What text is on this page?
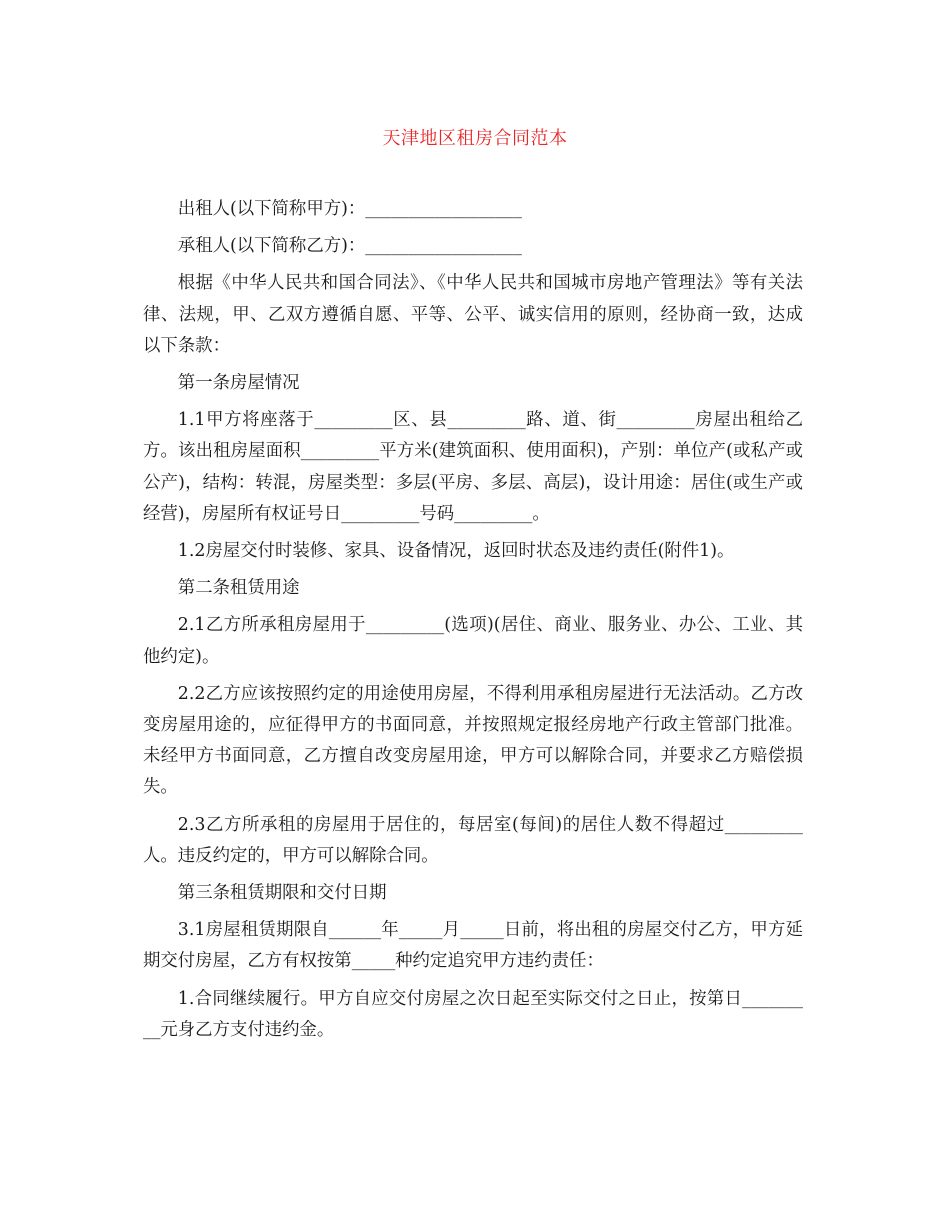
天津地区租房合同范本

出租人(以下简称甲方)：__________________

承租人(以下简称乙方)：__________________

根据《中华人民共和国合同法》、《中华人民共和国城市房地产管理法》等有关法律、法规，甲、乙双方遵循自愿、平等、公平、诚实信用的原则，经协商一致，达成以下条款：

第一条房屋情况

1.1甲方将座落于_________区、县_________路、道、街_________房屋出租给乙方。该出租房屋面积_________平方米(建筑面积、使用面积)，产别：单位产(或私产或公产)，结构：转混，房屋类型：多层(平房、多层、高层)，设计用途：居住(或生产或经营)，房屋所有权证号日_________号码_________。

1.2房屋交付时装修、家具、设备情况，返回时状态及违约责任(附件1)。

第二条租赁用途

2.1乙方所承租房屋用于_________(选项)(居住、商业、服务业、办公、工业、其他约定)。

2.2乙方应该按照约定的用途使用房屋，不得利用承租房屋进行无法活动。乙方改变房屋用途的，应征得甲方的书面同意，并按照规定报经房地产行政主管部门批准。未经甲方书面同意，乙方擅自改变房屋用途，甲方可以解除合同，并要求乙方赔偿损失。

2.3乙方所承租的房屋用于居住的，每居室(每间)的居住人数不得超过_________人。违反约定的，甲方可以解除合同。

第三条租赁期限和交付日期

3.1房屋租赁期限自______年_____月_____日前，将出租的房屋交付乙方，甲方延期交付房屋，乙方有权按第_____种约定追究甲方违约责任：

1.合同继续履行。甲方自应交付房屋之次日起至实际交付之日止，按第日_________元身乙方支付违约金。
